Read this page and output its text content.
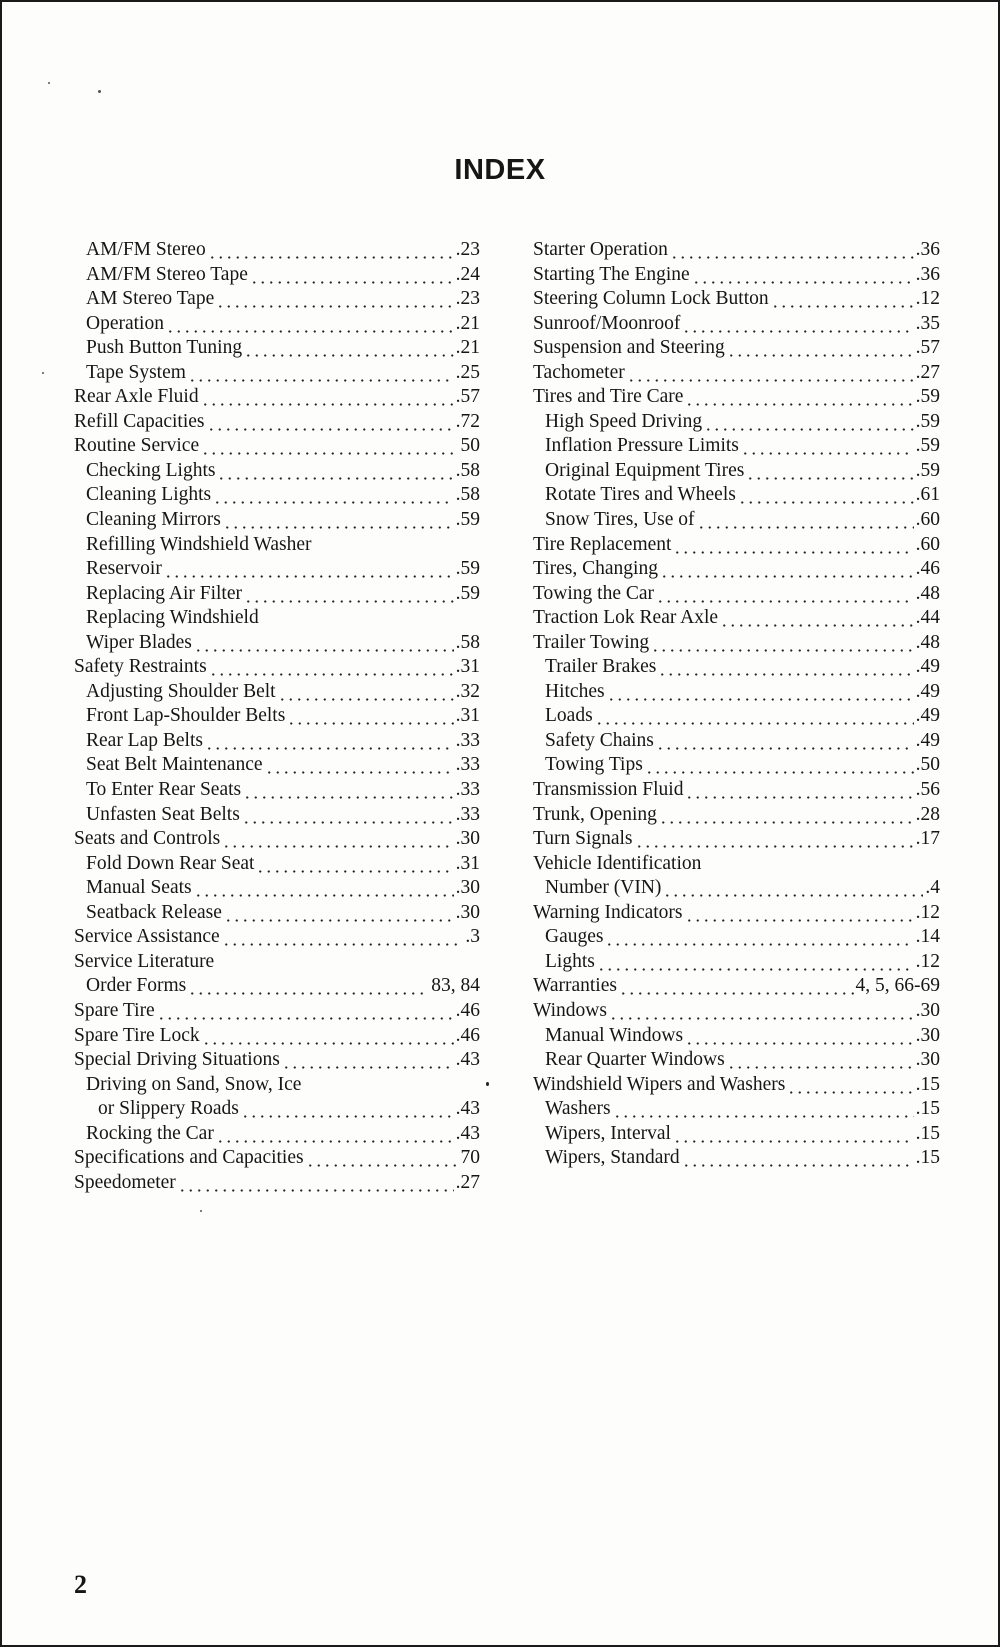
INDEX
AM/FM Stereo	.23
AM/FM Stereo Tape	.24
AM Stereo Tape	.23
Operation	.21
Push Button Tuning	.21
Tape System	.25
Rear Axle Fluid	.57
Refill Capacities	.72
Routine Service	50
Checking Lights	.58
Cleaning Lights	.58
Cleaning Mirrors	.59
Refilling Windshield Washer
Reservoir	.59
Replacing Air Filter	.59
Replacing Windshield
Wiper Blades	.58
Safety Restraints	.31
Adjusting Shoulder Belt	.32
Front Lap-Shoulder Belts	.31
Rear Lap Belts	.33
Seat Belt Maintenance	.33
To Enter Rear Seats	.33
Unfasten Seat Belts	.33
Seats and Controls	.30
Fold Down Rear Seat	.31
Manual Seats	.30
Seatback Release	.30
Service Assistance	.3
Service Literature
Order Forms	83, 84
Spare Tire	.46
Spare Tire Lock	.46
Special Driving Situations	.43
Driving on Sand, Snow, Ice
or Slippery Roads	.43
Rocking the Car	.43
Specifications and Capacities	70
Speedometer	.27
Starter Operation	.36
Starting The Engine	.36
Steering Column Lock Button	.12
Sunroof/Moonroof	.35
Suspension and Steering	.57
Tachometer	.27
Tires and Tire Care	.59
High Speed Driving	.59
Inflation Pressure Limits	.59
Original Equipment Tires	.59
Rotate Tires and Wheels	.61
Snow Tires, Use of	.60
Tire Replacement	.60
Tires, Changing	.46
Towing the Car	.48
Traction Lok Rear Axle	.44
Trailer Towing	.48
Trailer Brakes	.49
Hitches	.49
Loads	.49
Safety Chains	.49
Towing Tips	.50
Transmission Fluid	.56
Trunk, Opening	.28
Turn Signals	.17
Vehicle Identification
Number (VIN)	.4
Warning Indicators	.12
Gauges	.14
Lights	.12
Warranties	4, 5, 66-69
Windows	.30
Manual Windows	.30
Rear Quarter Windows	.30
Windshield Wipers and Washers	.15
Washers	.15
Wipers, Interval	.15
Wipers, Standard	.15
2
